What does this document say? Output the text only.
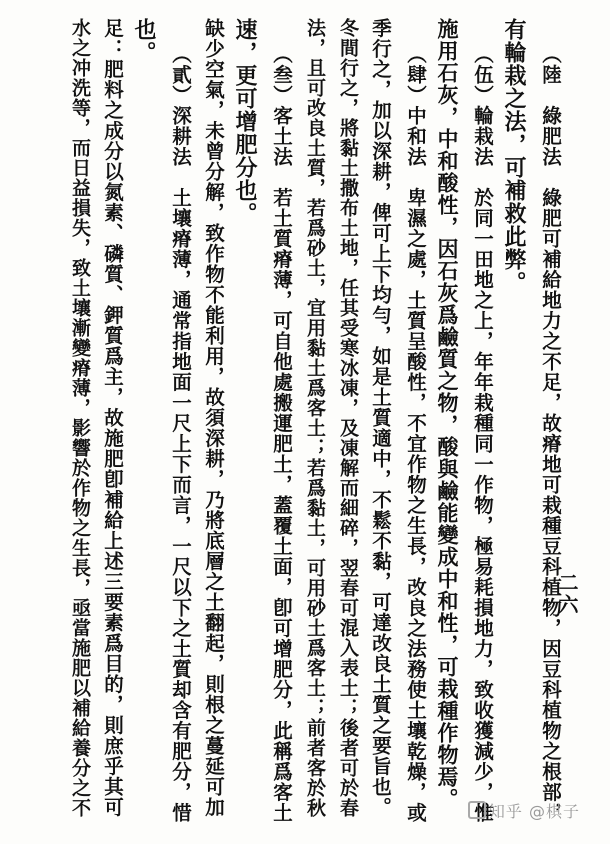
二六
水之冲洗等，而日益損失，致土壤漸變瘠薄，影響於作物之生長，亟當施肥以補給養分之不 足：肥料之成分以氮素、磷質、鉀質爲主，故施肥卽補給上述三要素爲目的，則庶乎其可 也。
（貳）深耕法　土壤瘠薄，通常指地面一尺上下而言，一尺以下之土質却含有肥分，惜 缺少空氣，未曾分解，致作物不能利用，故須深耕，乃將底層之土翻起，則根之蔓延可加 速，更可增肥分也。 （叁）客土法　若土質瘠薄，可自他處搬運肥土，蓋覆土面，卽可增肥分，此稱爲客土 法，且可改良土質，若爲砂土，宜用黏土爲客土；若爲黏土，可用砂土爲客土；前者客於秋 冬間行之，將黏土撒布土地，任其受寒冰凍，及凍解而細碎，翌春可混入表土；後者可於春 季行之，加以深耕，俾可上下均勻，如是土質適中，不鬆不黏，可達改良土質之要旨也。 （肆）中和法　卑濕之處，土質呈酸性，不宜作物之生長，改良之法務使土壤乾燥，或 施用石灰，中和酸性，因石灰爲鹼質之物，酸與鹼能變成中和性，可栽種作物焉。 （伍）輪栽法　於同一田地之上，年年栽種同一作物，極易耗損地力，致收獲減少，惟 有輪栽之法，可補救此弊。 （陸　綠肥法　綠肥可補給地力之不足，故瘠地可栽種豆科植物，因豆科植物之根部，
知乎 @棋子
